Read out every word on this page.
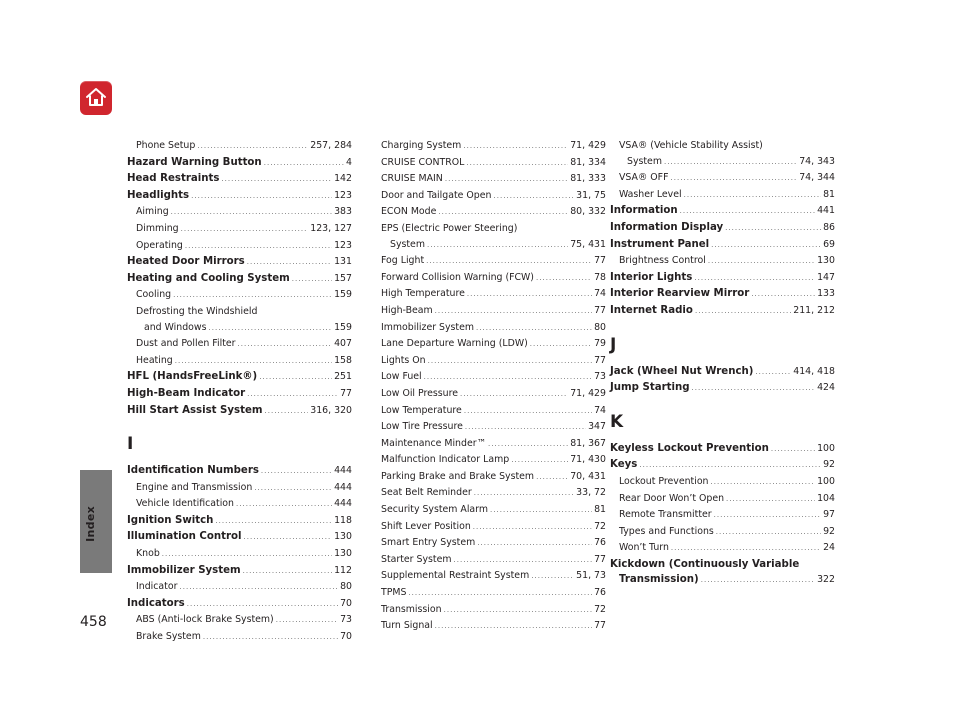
Index
458
Phone Setup . . .	257, 284
Hazard Warning Button . . .	4
Head Restraints . . .	142
Headlights . . .	123
Aiming . . .	383
Dimming . . .	123, 127
Operating . . .	123
Heated Door Mirrors . . .	131
Heating and Cooling System . . .	157
Cooling . . .	159
Defrosting the Windshield
and Windows . . .	159
Dust and Pollen Filter . . .	407
Heating . . .	158
HFL (HandsFreeLink®) . . .	251
High-Beam Indicator . . .	77
Hill Start Assist System . . .	316, 320
I
Identification Numbers . . .	444
Engine and Transmission . . .	444
Vehicle Identification . . .	444
Ignition Switch . . .	118
Illumination Control . . .	130
Knob . . .	130
Immobilizer System . . .	112
Indicator . . .	80
Indicators . . .	70
ABS (Anti-lock Brake System) . . .	73
Brake System . . .	70
Charging System . . .	71, 429
CRUISE CONTROL . . .	81, 334
CRUISE MAIN . . .	81, 333
Door and Tailgate Open . . .	31, 75
ECON Mode . . .	80, 332
EPS (Electric Power Steering)
System . . .	75, 431
Fog Light . . .	77
Forward Collision Warning (FCW) . . .	78
High Temperature . . .	74
High-Beam . . .	77
Immobilizer System . . .	80
Lane Departure Warning (LDW) . . .	79
Lights On . . .	77
Low Fuel . . .	73
Low Oil Pressure . . .	71, 429
Low Temperature . . .	74
Low Tire Pressure . . .	347
Maintenance Minder™ . . .	81, 367
Malfunction Indicator Lamp . . .	71, 430
Parking Brake and Brake System . . .	70, 431
Seat Belt Reminder . . .	33, 72
Security System Alarm . . .	81
Shift Lever Position . . .	72
Smart Entry System . . .	76
Starter System . . .	77
Supplemental Restraint System . . .	51, 73
TPMS . . .	76
Transmission . . .	72
Turn Signal . . .	77
VSA® (Vehicle Stability Assist)
System . . .	74, 343
VSA® OFF . . .	74, 344
Washer Level . . .	81
Information . . .	441
Information Display . . .	86
Instrument Panel . . .	69
Brightness Control . . .	130
Interior Lights . . .	147
Interior Rearview Mirror . . .	133
Internet Radio . . .	211, 212
J
Jack (Wheel Nut Wrench) . . .	414, 418
Jump Starting . . .	424
K
Keyless Lockout Prevention . . .	100
Keys . . .	92
Lockout Prevention . . .	100
Rear Door Won’t Open . . .	104
Remote Transmitter . . .	97
Types and Functions . . .	92
Won’t Turn . . .	24
Kickdown (Continuously Variable
Transmission) . . .	322
